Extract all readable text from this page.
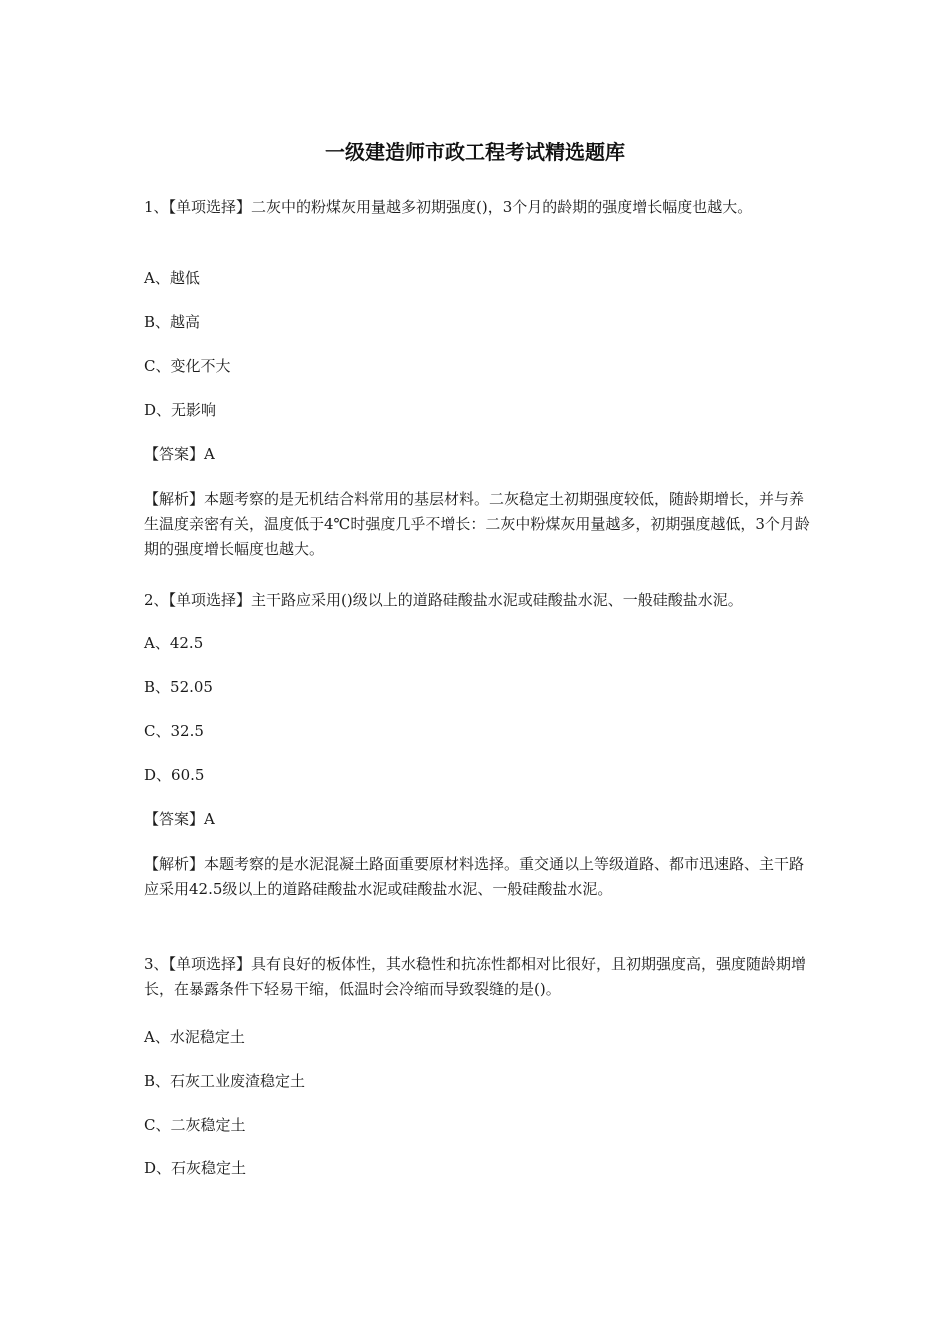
一级建造师市政工程考试精选题库
1、【单项选择】二灰中的粉煤灰用量越多初期强度()，3个月的龄期的强度增长幅度也越大。
A、越低
B、越高
C、变化不大
D、无影响
【答案】A
【解析】本题考察的是无机结合料常用的基层材料。二灰稳定土初期强度较低，随龄期增长，并与养生温度亲密有关，温度低于4℃时强度几乎不增长：二灰中粉煤灰用量越多，初期强度越低，3个月龄期的强度增长幅度也越大。
2、【单项选择】主干路应采用()级以上的道路硅酸盐水泥或硅酸盐水泥、一般硅酸盐水泥。
A、42.5
B、52.05
C、32.5
D、60.5
【答案】A
【解析】本题考察的是水泥混凝土路面重要原材料选择。重交通以上等级道路、都市迅速路、主干路应采用42.5级以上的道路硅酸盐水泥或硅酸盐水泥、一般硅酸盐水泥。
3、【单项选择】具有良好的板体性，其水稳性和抗冻性都相对比很好，且初期强度高，强度随龄期增长，在暴露条件下轻易干缩，低温时会冷缩而导致裂缝的是()。
A、水泥稳定土
B、石灰工业废渣稳定土
C、二灰稳定土
D、石灰稳定土
